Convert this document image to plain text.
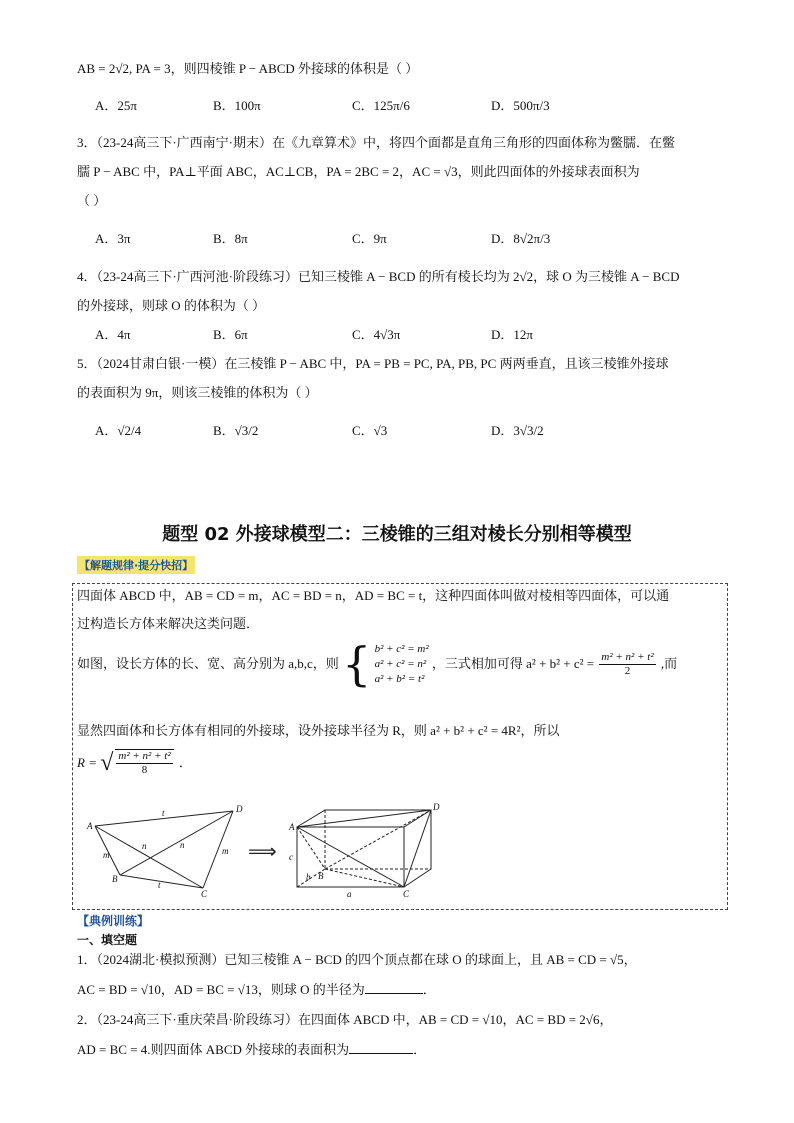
AB = 2√2, PA = 3，则四棱锥 P − ABCD 外接球的体积是（ ）
A．25π	B．100π	C．125π/6	D．500π/3
3．（23-24高三下·广西南宁·期末）在《九章算术》中，将四个面都是直角三角形的四面体称为鳖臑．在鳖
臑 P − ABC 中，PA⊥平面 ABC，AC⊥CB，PA = 2BC = 2，AC = √3，则此四面体的外接球表面积为
（ ）
A．3π	B．8π	C．9π	D．8√2π/3
4．（23-24高三下·广西河池·阶段练习）已知三棱锥 A − BCD 的所有棱长均为 2√2，球 O 为三棱锥 A − BCD
的外接球，则球 O 的体积为（ ）
A．4π	B．6π	C．4√3π	D．12π
5．（2024甘肃白银·一模）在三棱锥 P − ABC 中，PA = PB = PC, PA, PB, PC 两两垂直，且该三棱锥外接球
的表面积为 9π，则该三棱锥的体积为（ ）
A．√2/4	B．√3/2	C．√3	D．3√3/2
题型 02 外接球模型二：三棱锥的三组对棱长分别相等模型
【解题规律·提分快招】
四面体 ABCD 中，AB = CD = m，AC = BD = n，AD = BC = t，这种四面体叫做对棱相等四面体，可以通
过构造长方体来解决这类问题．
如图，设长方体的长、宽、高分别为 a,b,c，则 { b² + c² = m²
a² + c² = n²
a² + b² = t²
，三式相加可得 $a^2 + b^2 + c^2 = \frac{\text{m² + n² + t²}}{2}$ ,而
显然四面体和长方体有相同的外接球，设外接球半径为 R，则 a² + b² + c² = 4R²，所以
R = √ $\frac{\text{m² + n² + t²}}{8}$ ．
A
B
C
D
t
n	n
m	m
t
⟹
A
B
C
D
a
b
c
【典例训练】
一、填空题
1．（2024湖北·模拟预测）已知三棱锥 A − BCD 的四个顶点都在球 O 的球面上，且 AB = CD = √5，
AC = BD = √10，AD = BC = √13，则球 O 的半径为	．
2．（23-24高三下·重庆荣昌·阶段练习）在四面体 ABCD 中，AB = CD = √10，AC = BD = 2√6，
AD = BC = 4.则四面体 ABCD 外接球的表面积为	．
